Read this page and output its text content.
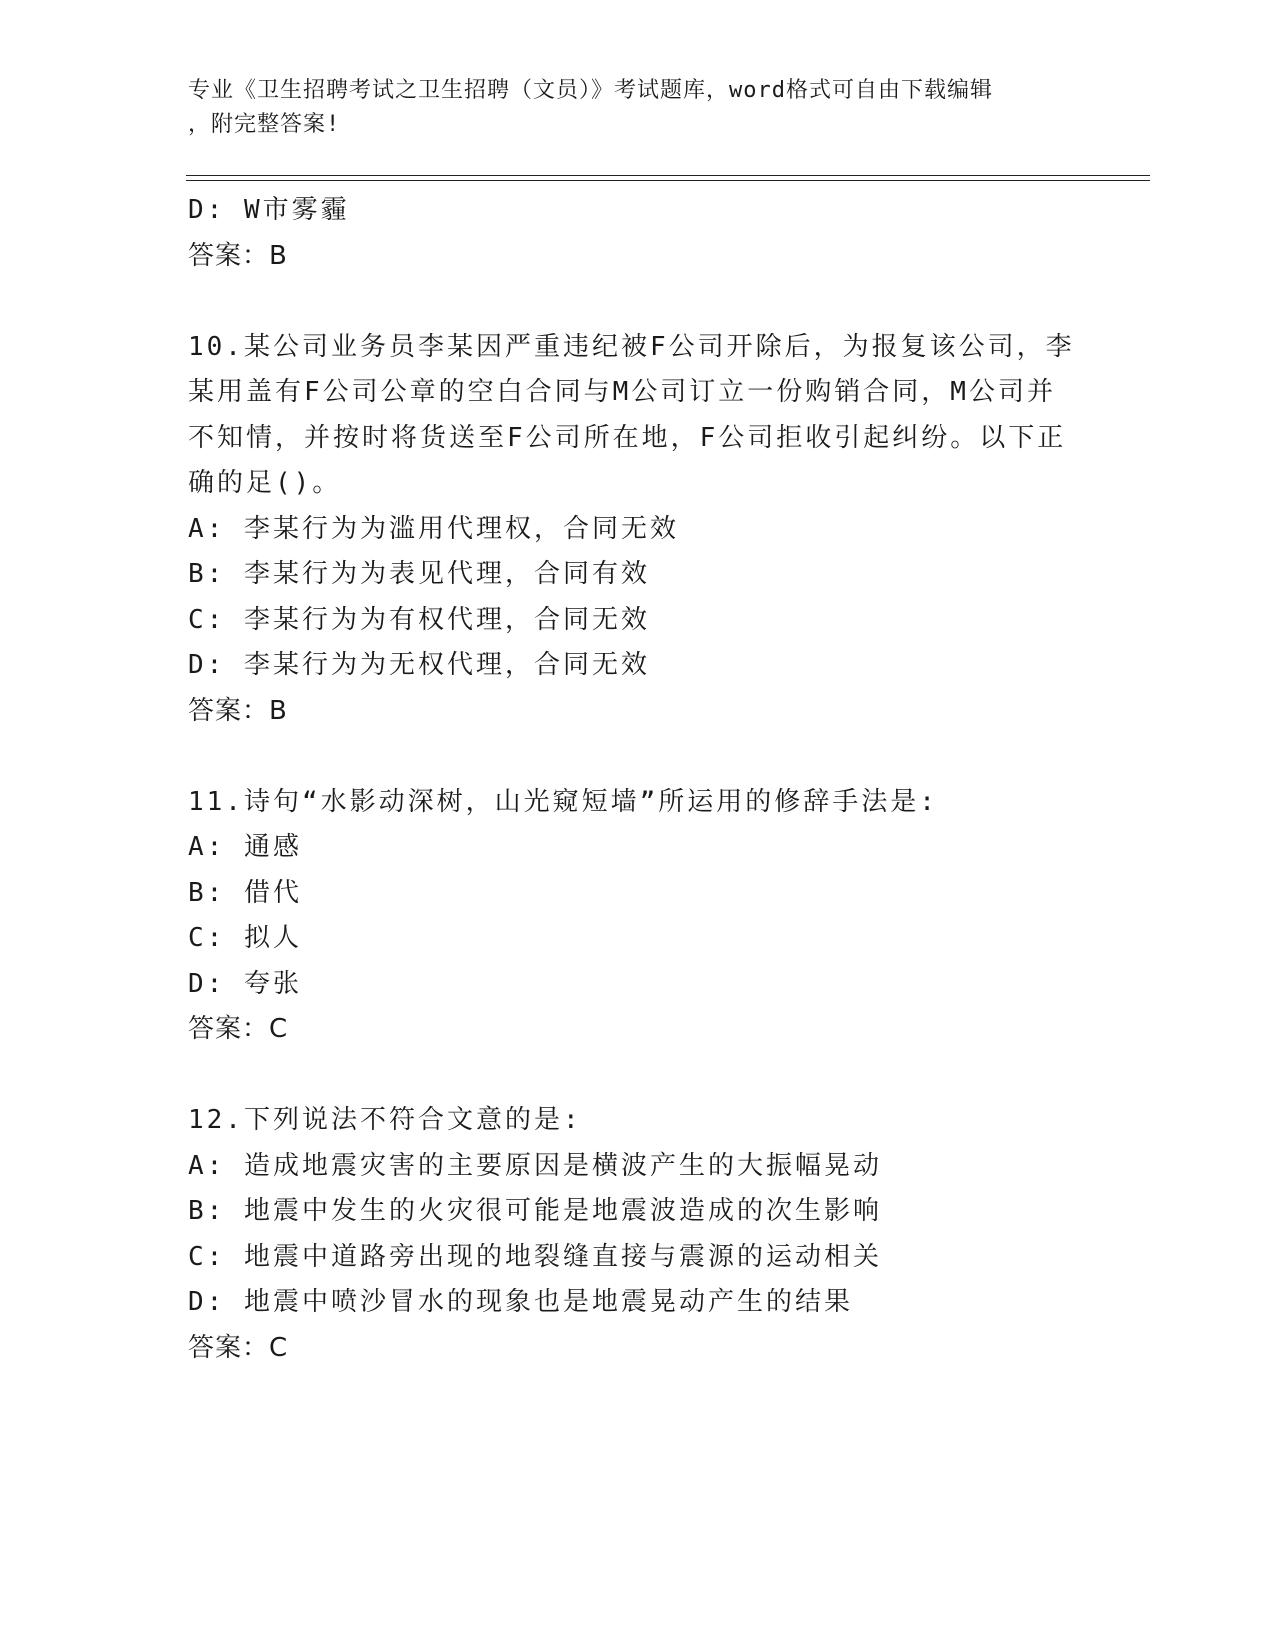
专业《卫生招聘考试之卫生招聘（文员）》考试题库，word格式可自由下载编辑
，附完整答案!
D: W市雾霾
答案：B
10.某公司业务员李某因严重违纪被F公司开除后，为报复该公司，李某用盖有F公司公章的空白合同与M公司订立一份购销合同，M公司并不知情，并按时将货送至F公司所在地，F公司拒收引起纠纷。以下正确的足()。
A: 李某行为为滥用代理权，合同无效
B: 李某行为为表见代理，合同有效
C: 李某行为为有权代理，合同无效
D: 李某行为为无权代理，合同无效
答案：B
11.诗句“水影动深树，山光窥短墙”所运用的修辞手法是:
A: 通感
B: 借代
C: 拟人
D: 夸张
答案：C
12.下列说法不符合文意的是:
A: 造成地震灾害的主要原因是横波产生的大振幅晃动
B: 地震中发生的火灾很可能是地震波造成的次生影响
C: 地震中道路旁出现的地裂缝直接与震源的运动相关
D: 地震中喷沙冒水的现象也是地震晃动产生的结果
答案：C
